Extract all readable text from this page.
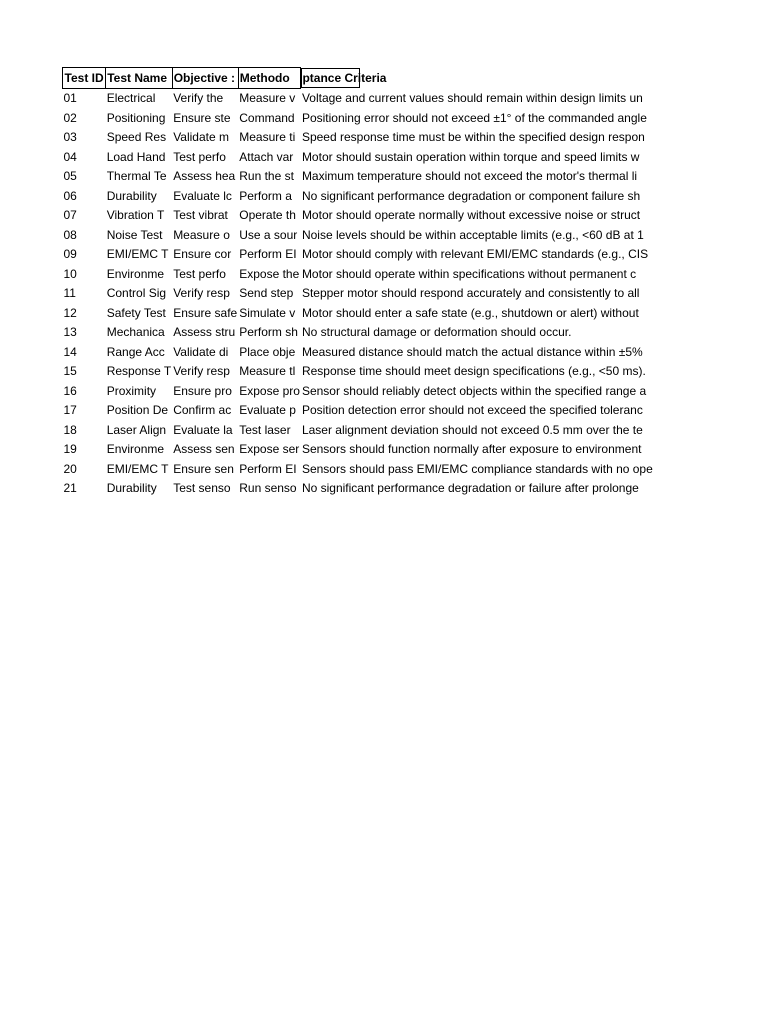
Test ID	Test Name	Objective :	Methodo	ptance Criteria
01	Electrical	Verify the	Measure v	Voltage and current values should remain within design limits un
02	Positioning	Ensure ste	Command	Positioning error should not exceed ±1° of the commanded angle
03	Speed Res	Validate m	Measure ti	Speed response time must be within the specified design respon
04	Load Hand	Test perfo	Attach var	Motor should sustain operation within torque and speed limits w
05	Thermal Te	Assess hea	Run the st	Maximum temperature should not exceed the motor's thermal li
06	Durability	Evaluate lc	Perform a	No significant performance degradation or component failure sh
07	Vibration T	Test vibrat	Operate th	Motor should operate normally without excessive noise or struct
08	Noise Test	Measure o	Use a sour	Noise levels should be within acceptable limits (e.g., <60 dB at 1
09	EMI/EMC T	Ensure cor	Perform EI	Motor should comply with relevant EMI/EMC standards (e.g., CIS
10	Environme	Test perfo	Expose the	Motor should operate within specifications without permanent c
11	Control Sig	Verify resp	Send step	Stepper motor should respond accurately and consistently to all
12	Safety Test	Ensure safe	Simulate v	Motor should enter a safe state (e.g., shutdown or alert) without
13	Mechanica	Assess stru	Perform sh	No structural damage or deformation should occur.
14	Range Acc	Validate di	Place obje	Measured distance should match the actual distance within ±5%
15	Response T	Verify resp	Measure tl	Response time should meet design specifications (e.g., <50 ms).
16	Proximity	Ensure pro	Expose pro	Sensor should reliably detect objects within the specified range a
17	Position De	Confirm ac	Evaluate p	Position detection error should not exceed the specified toleranc
18	Laser Align	Evaluate la	Test laser	Laser alignment deviation should not exceed 0.5 mm over the te
19	Environme	Assess sen	Expose ser	Sensors should function normally after exposure to environment
20	EMI/EMC T	Ensure sen	Perform EI	Sensors should pass EMI/EMC compliance standards with no ope
21	Durability	Test senso	Run senso	No significant performance degradation or failure after prolonge
